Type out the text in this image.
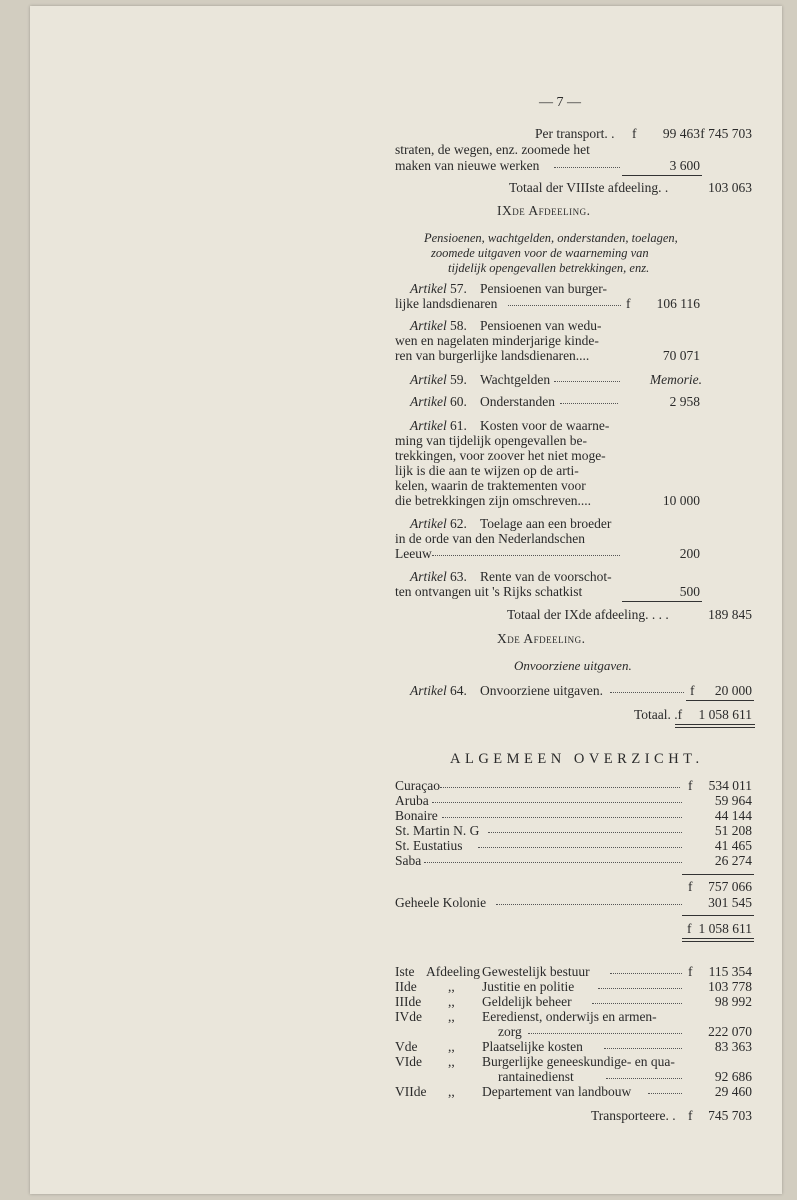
— 7 —
Per transport. . f	99 463 f 745 703
straten, de wegen, enz. zoomede het
maken van nieuwe werken	3 600
Totaal der VIIIste afdeeling. .	103 063
IXde Afdeeling.
Pensioenen, wachtgelden, onderstanden, toelagen,
zoomede uitgaven voor de waarneming van
tijdelijk opengevallen betrekkingen, enz.
Artikel 57. Pensioenen van burger-
lijke landsdienaren	f	106 116
Artikel 58. Pensioenen van wedu-
wen en nagelaten minderjarige kinde-
ren van burgerlijke landsdienaren....	70 071
Artikel 59. Wachtgelden	Memorie.
Artikel 60. Onderstanden	2 958
Artikel 61. Kosten voor de waarne-
ming van tijdelijk opengevallen be-
trekkingen, voor zoover het niet moge-
lijk is die aan te wijzen op de arti-
kelen, waarin de traktementen voor
die betrekkingen zijn omschreven....	10 000
Artikel 62. Toelage aan een broeder
in de orde van den Nederlandschen
Leeuw	200
Artikel 63. Rente van de voorschot-
ten ontvangen uit 's Rijks schatkist	500
Totaal der IXde afdeeling. . . .	189 845
Xde Afdeeling.
Onvoorziene uitgaven.
Artikel 64. Onvoorziene uitgaven.	f	20 000
Totaal. .f	1 058 611
ALGEMEEN OVERZICHT.
Curaçao	f	534 011
Aruba	59 964
Bonaire	44 144
St. Martin N. G	51 208
St. Eustatius	41 465
Saba	26 274
f	757 066
Geheele Kolonie	301 545
f 1 058 611
Iste Afdeeling Gewestelijk bestuur	f	115 354
IIde ,, Justitie en politie	103 778
IIIde ,, Geldelijk beheer	98 992
IVde ,, Eeredienst, onderwijs en armen-
zorg	222 070
Vde ,, Plaatselijke kosten	83 363
VIde ,, Burgerlijke geneeskundige- en qua-
rantainedienst	92 686
VIIde ,, Departement van landbouw	29 460
Transporteere. . f	745 703
